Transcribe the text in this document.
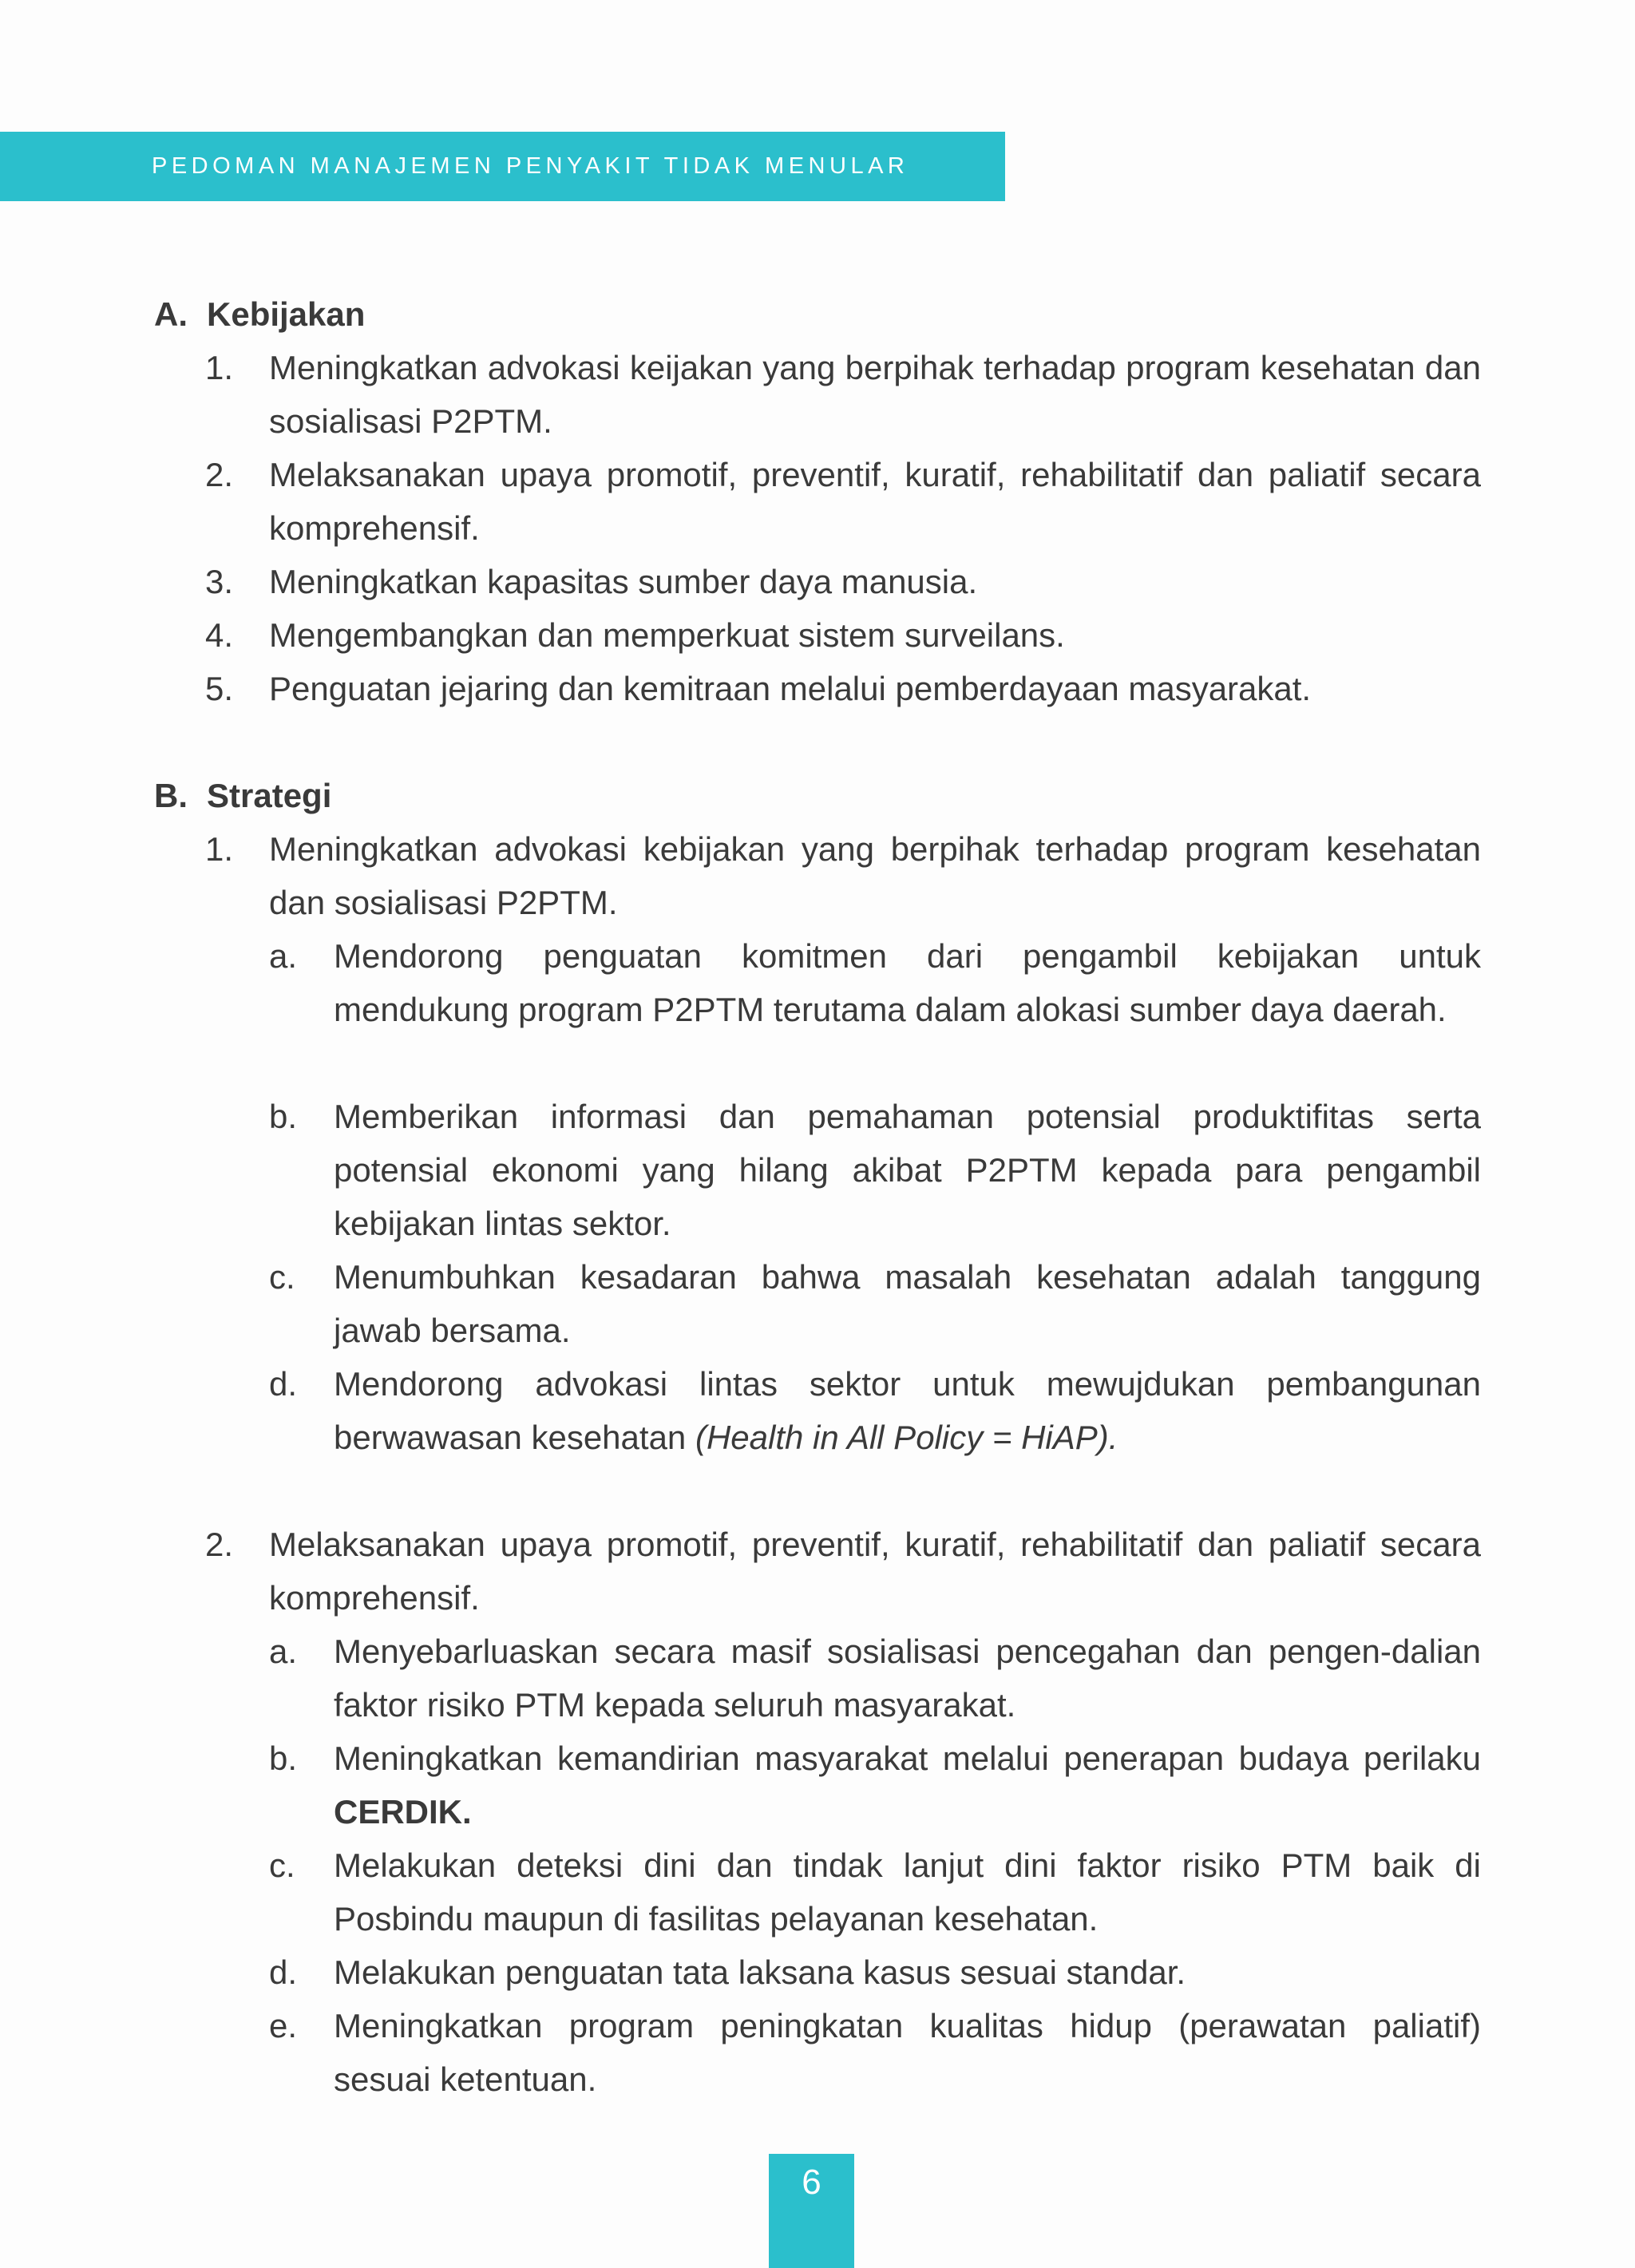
PEDOMAN MANAJEMEN PENYAKIT TIDAK MENULAR
A. Kebijakan
1. Meningkatkan advokasi keijakan yang berpihak terhadap program kesehatan dan sosialisasi P2PTM.
2. Melaksanakan upaya promotif, preventif, kuratif, rehabilitatif dan paliatif secara komprehensif.
3. Meningkatkan kapasitas sumber daya manusia.
4. Mengembangkan dan memperkuat sistem surveilans.
5. Penguatan jejaring dan kemitraan melalui pemberdayaan masyarakat.
B. Strategi
1. Meningkatkan advokasi kebijakan yang berpihak terhadap program kesehatan dan sosialisasi P2PTM.
a. Mendorong penguatan komitmen dari pengambil kebijakan untuk mendukung program P2PTM terutama dalam alokasi sumber daya daerah.
b. Memberikan informasi dan pemahaman potensial produktifitas serta potensial ekonomi yang hilang akibat P2PTM kepada para pengambil kebijakan lintas sektor.
c. Menumbuhkan kesadaran bahwa masalah kesehatan adalah tanggung jawab bersama.
d. Mendorong advokasi lintas sektor untuk mewujdukan pembangunan berwawasan kesehatan (Health in All Policy = HiAP).
2. Melaksanakan upaya promotif, preventif, kuratif, rehabilitatif dan paliatif secara komprehensif.
a. Menyebarluaskan secara masif sosialisasi pencegahan dan pengen-dalian faktor risiko PTM kepada seluruh masyarakat.
b. Meningkatkan kemandirian masyarakat melalui penerapan budaya perilaku CERDIK.
c. Melakukan deteksi dini dan tindak lanjut dini faktor risiko PTM baik di Posbindu maupun di fasilitas pelayanan kesehatan.
d. Melakukan penguatan tata laksana kasus sesuai standar.
e. Meningkatkan program peningkatan kualitas hidup (perawatan paliatif) sesuai ketentuan.
6
